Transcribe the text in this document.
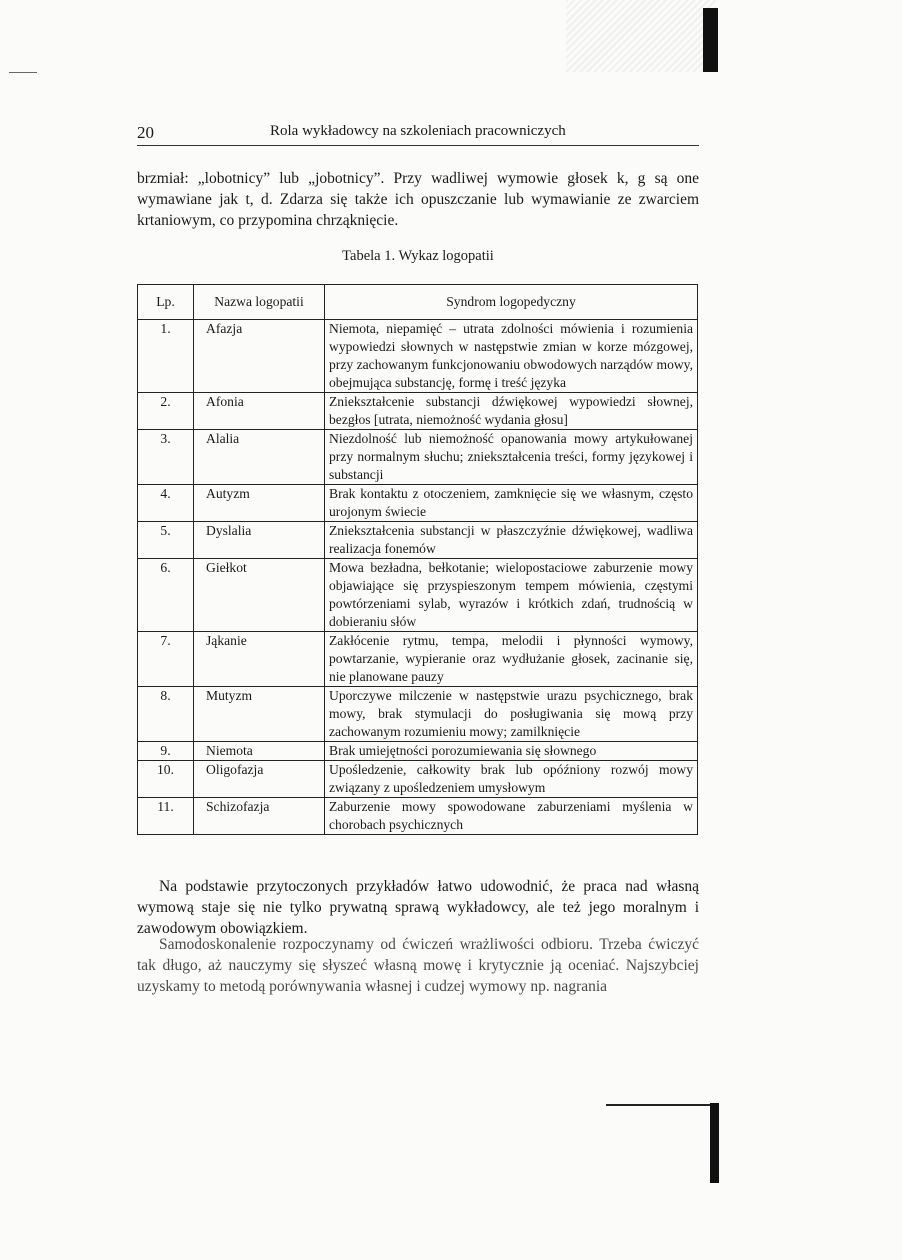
20	Rola wykładowcy na szkoleniach pracowniczych

brzmiał: „lobotnicy” lub „jobotnicy”. Przy wadliwej wymowie głosek k, g są one wymawiane jak t, d. Zdarza się także ich opuszczanie lub wymawianie ze zwarciem krtaniowym, co przypomina chrząknięcie.

Tabela 1. Wykaz logopatii
Lp.	Nazwa logopatii	Syndrom logopedyczny
1.	Afazja	Niemota, niepamięć – utrata zdolności mówienia i rozumienia wypowiedzi słownych w następstwie zmian w korze mózgowej, przy zachowanym funkcjonowaniu obwodowych narządów mowy, obejmująca substancję, formę i treść języka
2.	Afonia	Zniekształcenie substancji dźwiękowej wypowiedzi słownej, bezgłos [utrata, niemożność wydania głosu]
3.	Alalia	Niezdolność lub niemożność opanowania mowy artykułowanej przy normalnym słuchu; zniekształcenia treści, formy językowej i substancji
4.	Autyzm	Brak kontaktu z otoczeniem, zamknięcie się we własnym, często urojonym świecie
5.	Dyslalia	Zniekształcenia substancji w płaszczyźnie dźwiękowej, wadliwa realizacja fonemów
6.	Giełkot	Mowa bezładna, bełkotanie; wielopostaciowe zaburzenie mowy objawiające się przyspieszonym tempem mówienia, częstymi powtórzeniami sylab, wyrazów i krótkich zdań, trudnością w dobieraniu słów
7.	Jąkanie	Zakłócenie rytmu, tempa, melodii i płynności wymowy, powtarzanie, wypieranie oraz wydłużanie głosek, zacinanie się, nie planowane pauzy
8.	Mutyzm	Uporczywe milczenie w następstwie urazu psychicznego, brak mowy, brak stymulacji do posługiwania się mową przy zachowanym rozumieniu mowy; zamilknięcie
9.	Niemota	Brak umiejętności porozumiewania się słownego
10.	Oligofazja	Upośledzenie, całkowity brak lub opóźniony rozwój mowy związany z upośledzeniem umysłowym
11.	Schizofazja	Zaburzenie mowy spowodowane zaburzeniami myślenia w chorobach psychicznych

Na podstawie przytoczonych przykładów łatwo udowodnić, że praca nad własną wymową staje się nie tylko prywatną sprawą wykładowcy, ale też jego moralnym i zawodowym obowiązkiem.

Samodoskonalenie rozpoczynamy od ćwiczeń wrażliwości odbioru. Trzeba ćwiczyć tak długo, aż nauczymy się słyszeć własną mowę i krytycznie ją oceniać. Najszybciej uzyskamy to metodą porównywania własnej i cudzej wymowy np. nagrania
